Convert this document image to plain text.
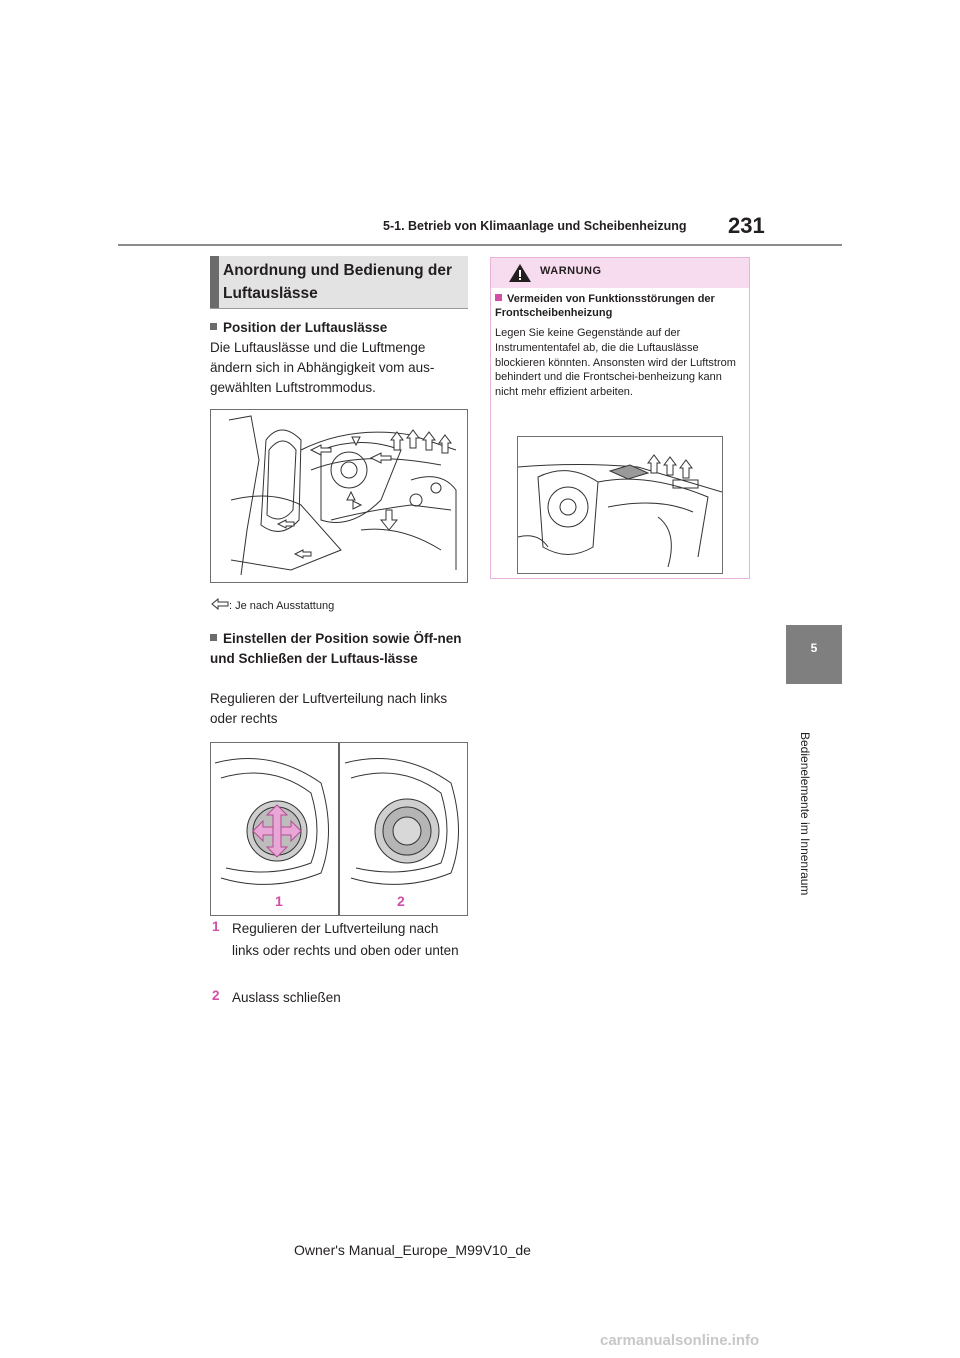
5-1. Betrieb von Klimaanlage und Scheibenheizung 231
5
Bedienelemente im Innenraum
Anordnung und Bedienung der Luftauslässe
Position der Luftauslässe
Die Luftauslässe und die Luftmenge ändern sich in Abhängigkeit vom aus-gewählten Luftstrommodus.
: Je nach Ausstattung
Einstellen der Position sowie Öff-nen und Schließen der Luftaus-lässe
Regulieren der Luftverteilung nach links oder rechts
1	2
1 Regulieren der Luftverteilung nach links oder rechts und oben oder unten
2 Auslass schließen
WARNUNG
Vermeiden von Funktionsstörungen der Frontscheibenheizung
Legen Sie keine Gegenstände auf der Instrumententafel ab, die die Luftauslässe blockieren könnten. Ansonsten wird der Luftstrom behindert und die Frontschei-benheizung kann nicht mehr effizient arbeiten.
Owner's Manual_Europe_M99V10_de
carmanualsonline.info
